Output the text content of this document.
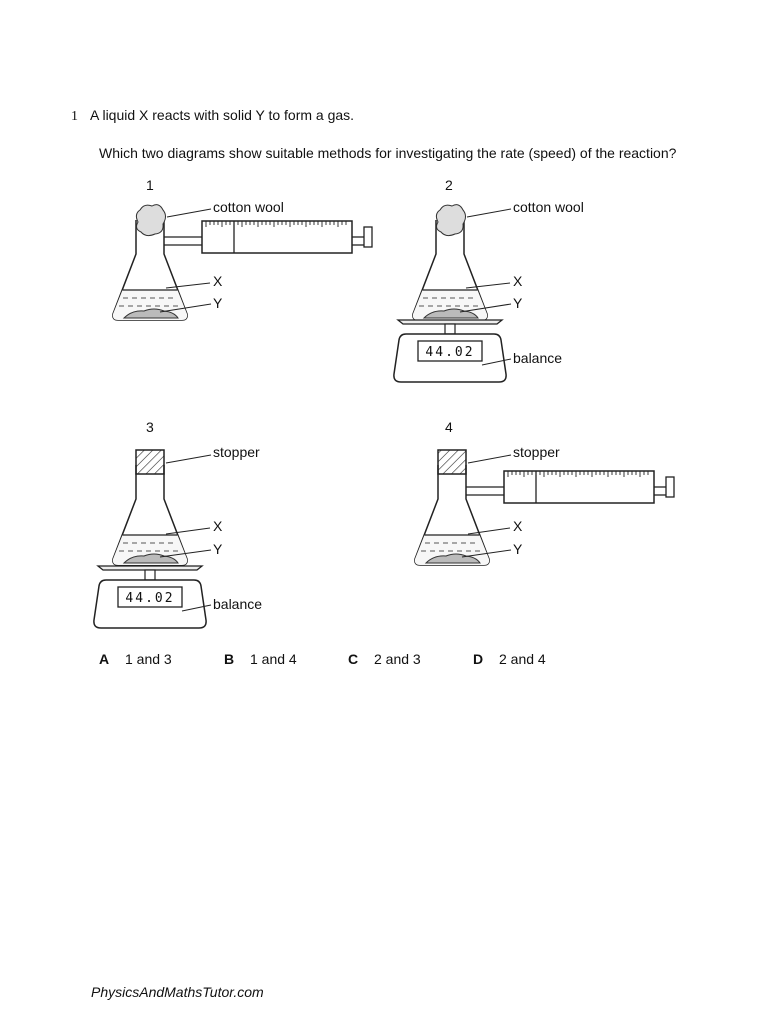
1 A liquid X reacts with solid Y to form a gas.
Which two diagrams show suitable methods for investigating the rate (speed) of the reaction?
1
cotton wool
X
Y
2
44.02
cotton wool
X
Y
balance
3
44.02
stopper
X
Y
balance
4
stopper
X
Y
A 1 and 3	B 1 and 4	C 2 and 3	D 2 and 4
PhysicsAndMathsTutor.com
